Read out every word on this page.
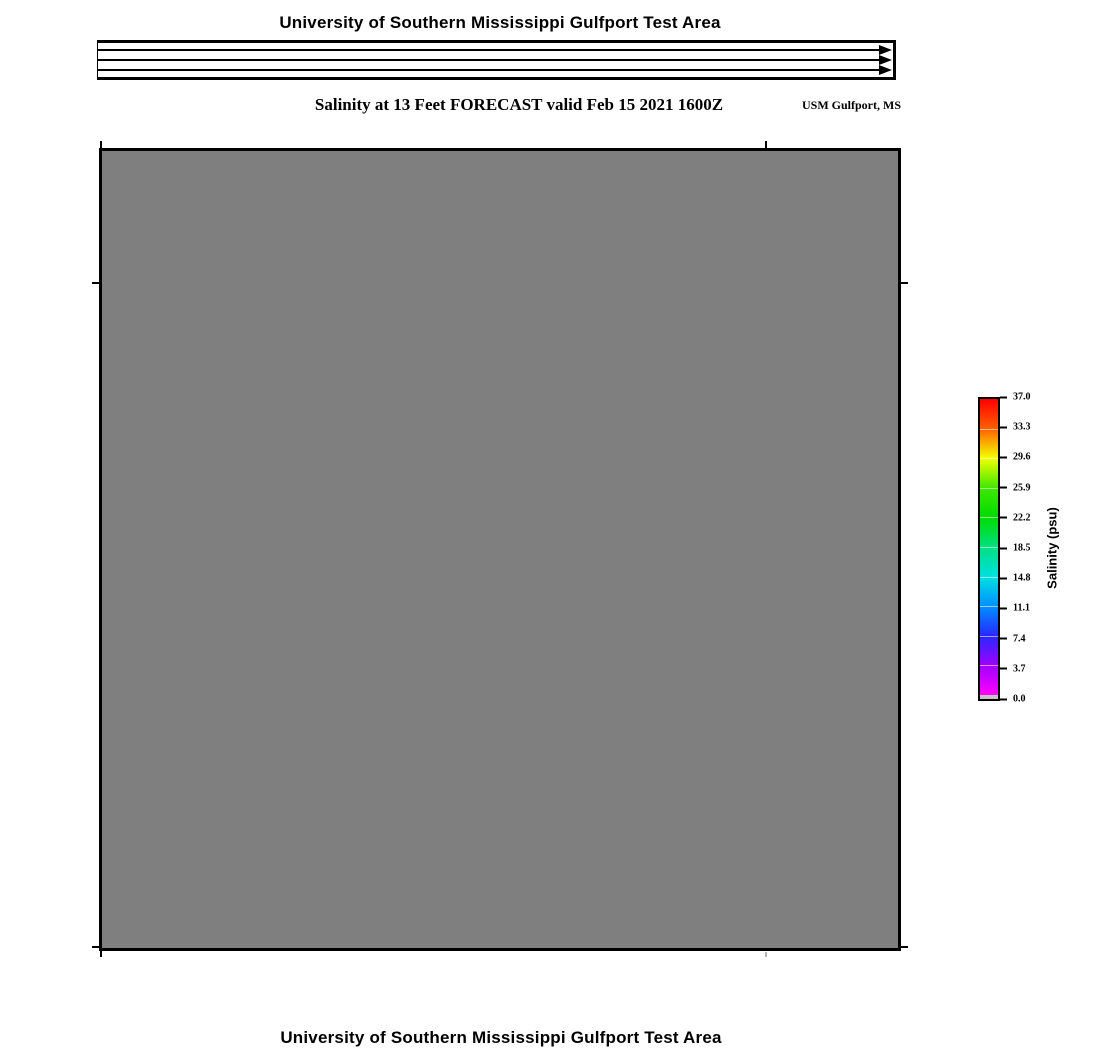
University of Southern Mississippi Gulfport Test Area
Salinity at 13 Feet FORECAST valid Feb 15 2021 1600Z	USM Gulfport, MS
37.0
33.3
29.6
25.9
22.2
18.5
14.8
11.1
7.4
3.7
0.0
Salinity (psu)
University of Southern Mississippi Gulfport Test Area
